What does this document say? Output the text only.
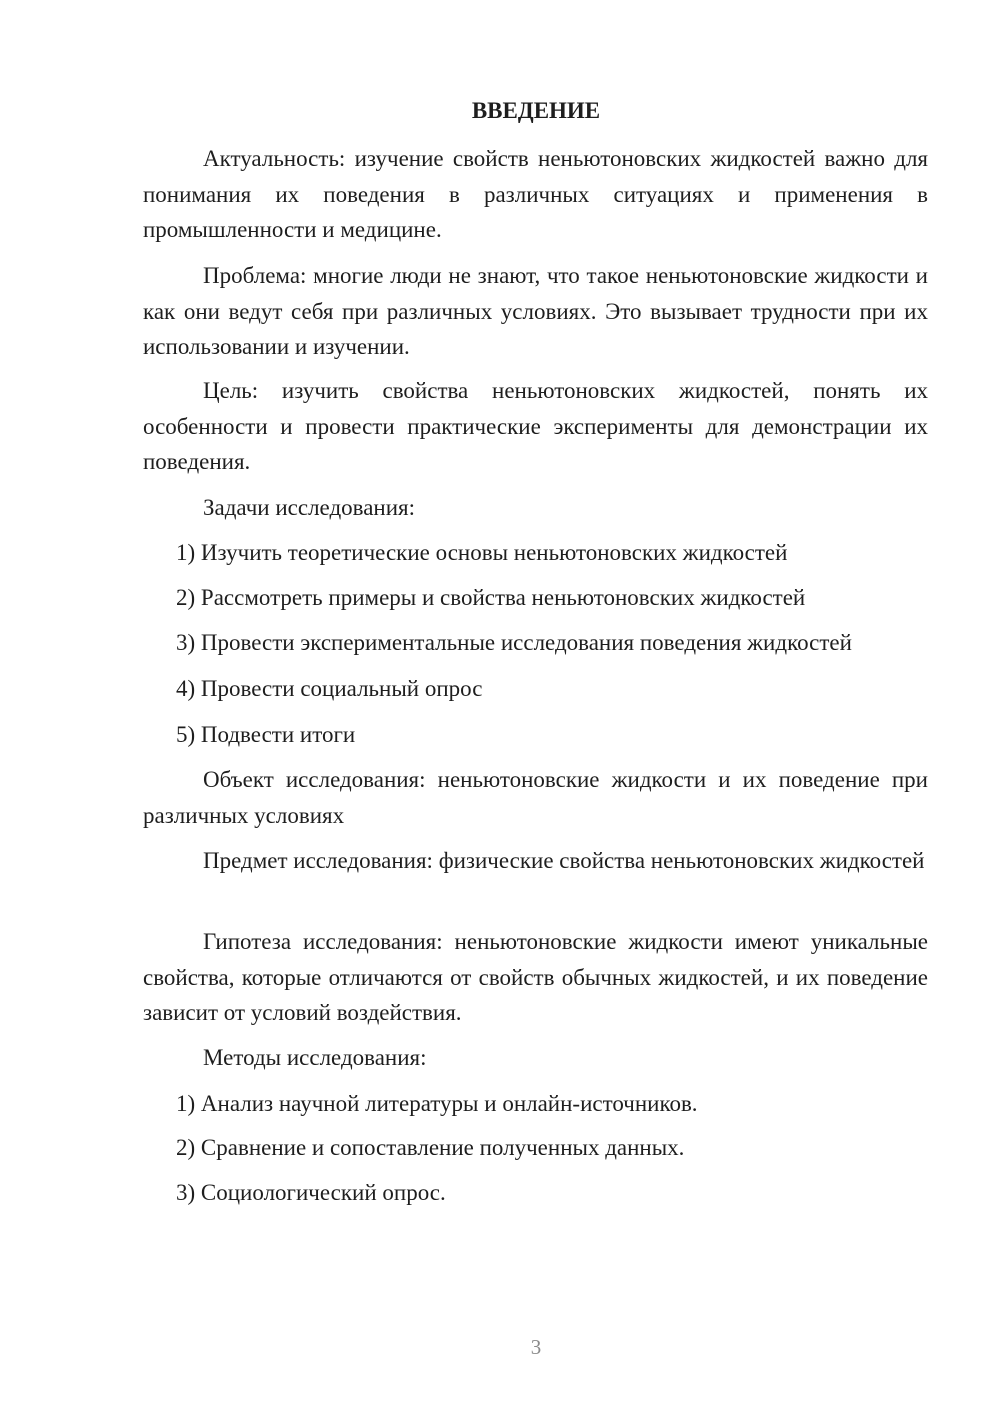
ВВЕДЕНИЕ
Актуальность: изучение свойств неньютоновских жидкостей важно для понимания их поведения в различных ситуациях и применения в промышленности и медицине.
Проблема: многие люди не знают, что такое неньютоновские жидкости и как они ведут себя при различных условиях. Это вызывает трудности при их использовании и изучении.
Цель: изучить свойства неньютоновских жидкостей, понять их особенности и провести практические эксперименты для демонстрации их поведения.
Задачи исследования:
1) Изучить теоретические основы неньютоновских жидкостей
2) Рассмотреть примеры и свойства неньютоновских жидкостей
3) Провести экспериментальные исследования поведения жидкостей
4) Провести социальный опрос
5) Подвести итоги
Объект исследования: неньютоновские жидкости и их поведение при различных условиях
Предмет исследования: физические свойства неньютоновских жидкостей
Гипотеза исследования: неньютоновские жидкости имеют уникальные свойства, которые отличаются от свойств обычных жидкостей, и их поведение зависит от условий воздействия.
Методы исследования:
1) Анализ научной литературы и онлайн-источников.
2) Сравнение и сопоставление полученных данных.
3) Социологический опрос.
3
